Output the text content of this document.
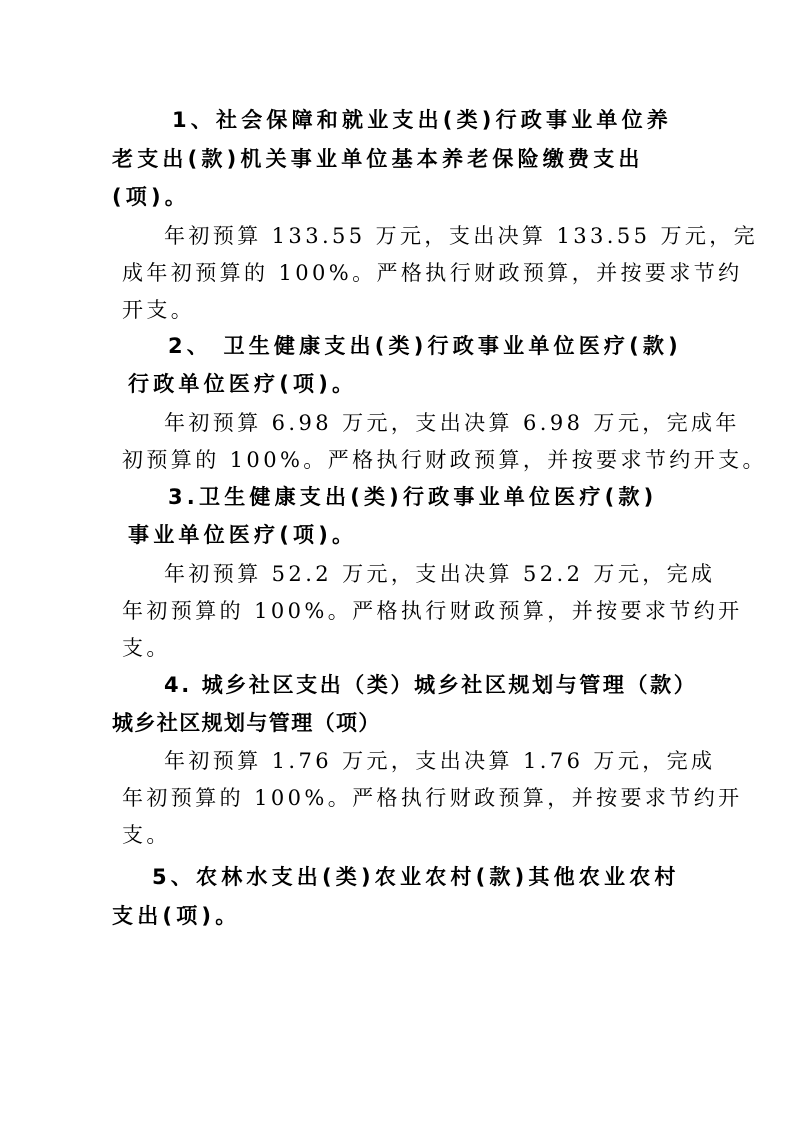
1、社会保障和就业支出(类)行政事业单位养
老支出(款)机关事业单位基本养老保险缴费支出
(项)。
年初预算 133.55 万元，支出决算 133.55 万元，完
成年初预算的 100%。严格执行财政预算，并按要求节约
开支。
2、 卫生健康支出(类)行政事业单位医疗(款)
行政单位医疗(项)。
年初预算 6.98 万元，支出决算 6.98 万元，完成年
初预算的 100%。严格执行财政预算，并按要求节约开支。
3.卫生健康支出(类)行政事业单位医疗(款)
事业单位医疗(项)。
年初预算 52.2 万元，支出决算 52.2 万元，完成
年初预算的 100%。严格执行财政预算，并按要求节约开
支。
4. 城乡社区支出（类）城乡社区规划与管理（款）
城乡社区规划与管理（项）
年初预算 1.76 万元，支出决算 1.76 万元，完成
年初预算的 100%。严格执行财政预算，并按要求节约开
支。
5、农林水支出(类)农业农村(款)其他农业农村
支出(项)。
